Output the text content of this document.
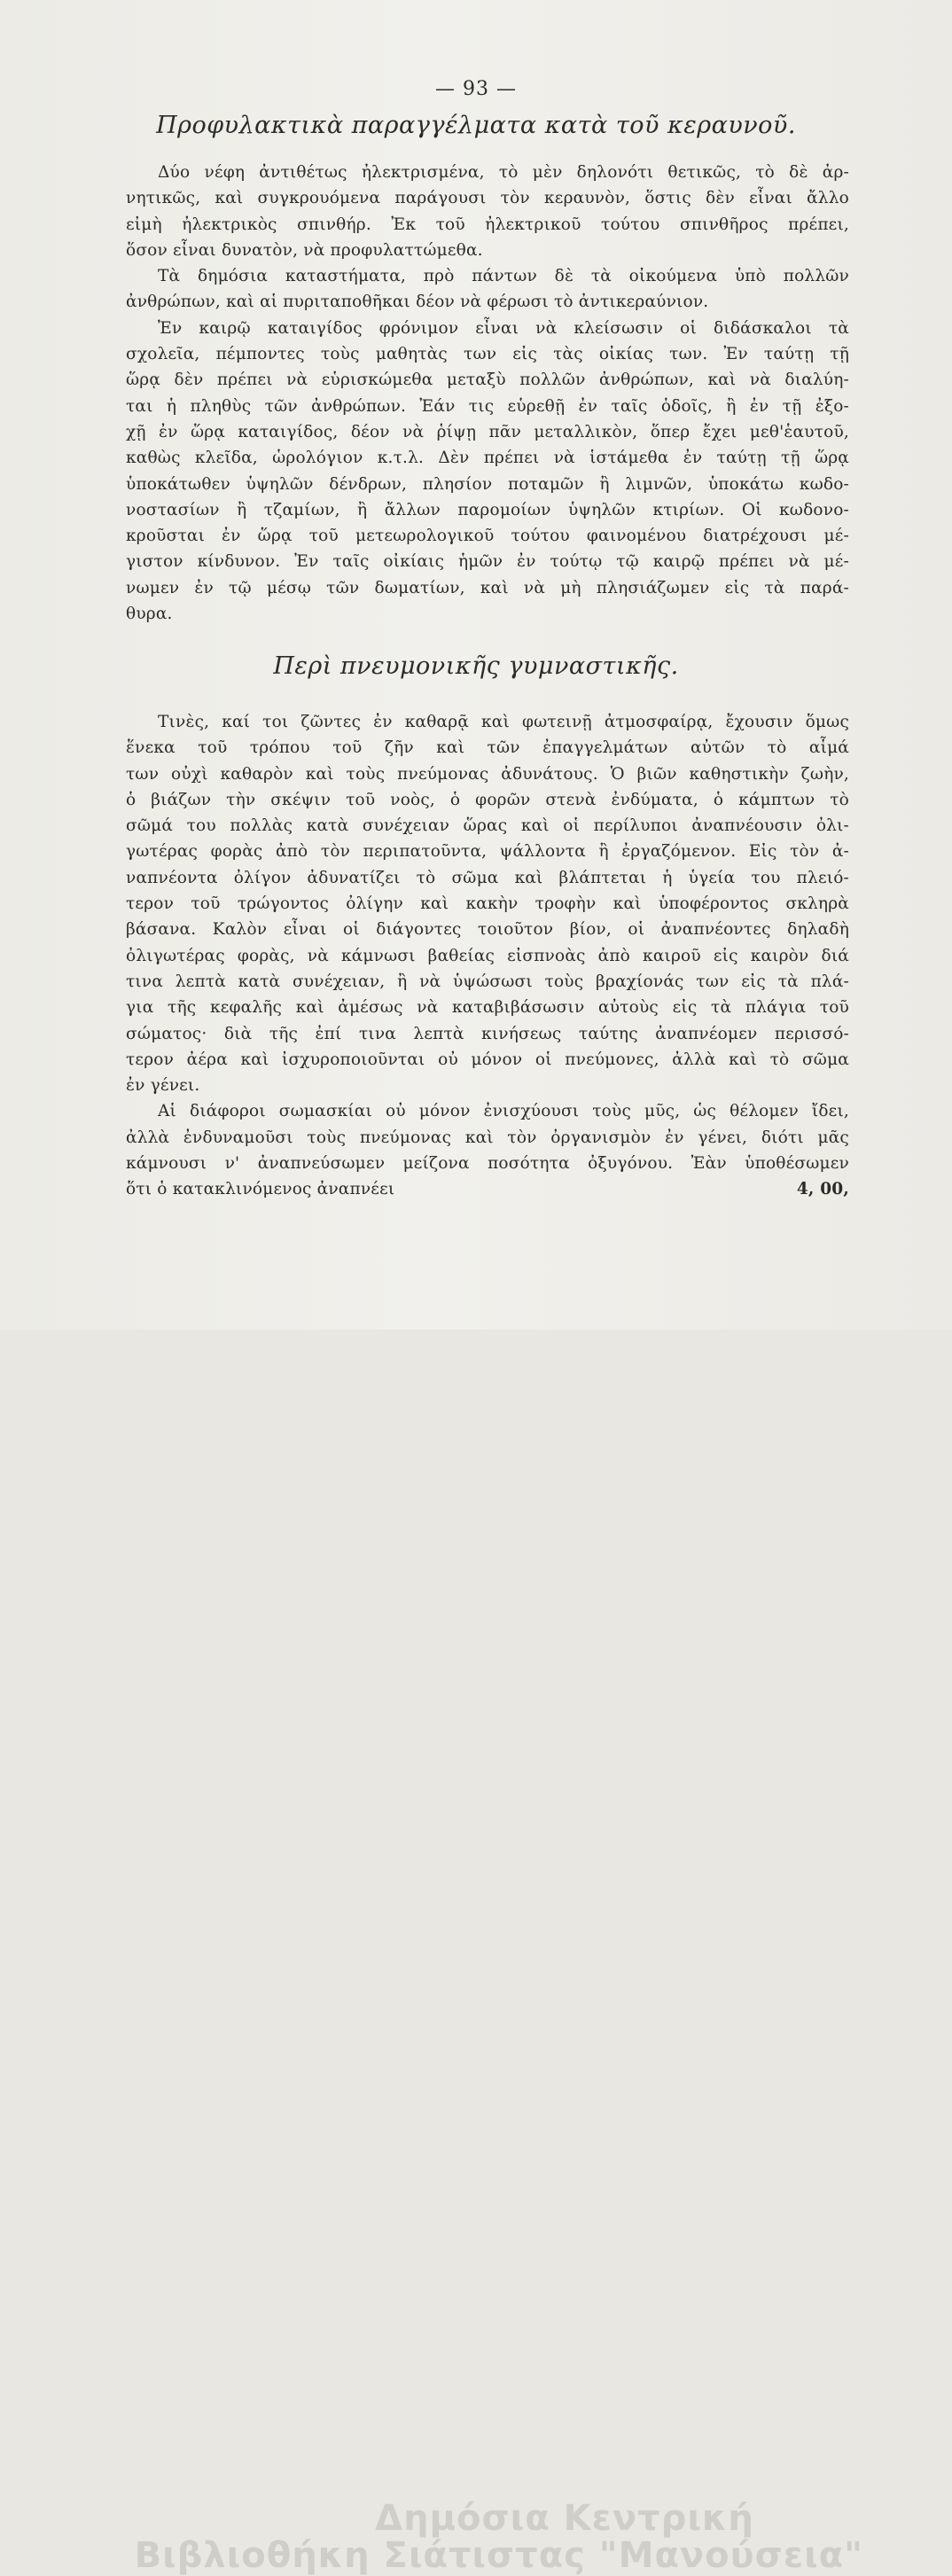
— 93 —
Προφυλακτικὰ παραγγέλματα κατὰ τοῦ κεραυνοῦ.
Δύο νέφη ἀντιθέτως ἠλεκτρισμένα, τὸ μὲν δηλονότι θετικῶς, τὸ δὲ ἀρ-
νητικῶς, καὶ συγκρουόμενα παράγουσι τὸν κεραυνὸν, ὅστις δὲν εἶναι ἄλλο
εἰμὴ ἠλεκτρικὸς σπινθήρ. Ἐκ τοῦ ἠλεκτρικοῦ τούτου σπινθῆρος πρέπει,
ὅσον εἶναι δυνατὸν, νὰ προφυλαττώμεθα.
Τὰ δημόσια καταστήματα, πρὸ πάντων δὲ τὰ οἰκούμενα ὑπὸ πολλῶν
ἀνθρώπων, καὶ αἱ πυριταποθῆκαι δέον νὰ φέρωσι τὸ ἀντικεραύνιον.
Ἐν καιρῷ καταιγίδος φρόνιμον εἶναι νὰ κλείσωσιν οἱ διδάσκαλοι τὰ
σχολεῖα, πέμποντες τοὺς μαθητὰς των εἰς τὰς οἰκίας των. Ἐν ταύτῃ τῇ
ὥρᾳ δὲν πρέπει νὰ εὑρισκώμεθα μεταξὺ πολλῶν ἀνθρώπων, καὶ νὰ διαλύη-
ται ἡ πληθὺς τῶν ἀνθρώπων. Ἐάν τις εὑρεθῇ ἐν ταῖς ὁδοῖς, ἢ ἐν τῇ ἐξο-
χῇ ἐν ὥρᾳ καταιγίδος, δέον νὰ ῥίψῃ πᾶν μεταλλικὸν, ὅπερ ἔχει μεθ'ἑαυτοῦ,
καθὼς κλεῖδα, ὡρολόγιον κ.τ.λ. Δὲν πρέπει νὰ ἱστάμεθα ἐν ταύτῃ τῇ ὥρᾳ
ὑποκάτωθεν ὑψηλῶν δένδρων, πλησίον ποταμῶν ἢ λιμνῶν, ὑποκάτω κωδο-
νοστασίων ἢ τζαμίων, ἢ ἄλλων παρομοίων ὑψηλῶν κτιρίων. Οἱ κωδονο-
κροῦσται ἐν ὥρᾳ τοῦ μετεωρολογικοῦ τούτου φαινομένου διατρέχουσι μέ-
γιστον κίνδυνον. Ἐν ταῖς οἰκίαις ἡμῶν ἐν τούτῳ τῷ καιρῷ πρέπει νὰ μέ-
νωμεν ἐν τῷ μέσῳ τῶν δωματίων, καὶ νὰ μὴ πλησιάζωμεν εἰς τὰ παρά-
θυρα.
Περὶ πνευμονικῆς γυμναστικῆς.
Τινὲς, καί τοι ζῶντες ἐν καθαρᾷ καὶ φωτεινῇ ἀτμοσφαίρᾳ, ἔχουσιν ὅμως
ἕνεκα τοῦ τρόπου τοῦ ζῆν καὶ τῶν ἐπαγγελμάτων αὐτῶν τὸ αἷμά
των οὐχὶ καθαρὸν καὶ τοὺς πνεύμονας ἀδυνάτους. Ὁ βιῶν καθηστικὴν ζωὴν,
ὁ βιάζων τὴν σκέψιν τοῦ νοὸς, ὁ φορῶν στενὰ ἐνδύματα, ὁ κάμπτων τὸ
σῶμά του πολλὰς κατὰ συνέχειαν ὥρας καὶ οἱ περίλυποι ἀναπνέουσιν ὀλι-
γωτέρας φορὰς ἀπὸ τὸν περιπατοῦντα, ψάλλοντα ἢ ἐργαζόμενον. Εἰς τὸν ἀ-
ναπνέοντα ὀλίγον ἀδυνατίζει τὸ σῶμα καὶ βλάπτεται ἡ ὑγεία του πλειό-
τερον τοῦ τρώγοντος ὀλίγην καὶ κακὴν τροφὴν καὶ ὑποφέροντος σκληρὰ
βάσανα. Καλὸν εἶναι οἱ διάγοντες τοιοῦτον βίον, οἱ ἀναπνέοντες δηλαδὴ
ὀλιγωτέρας φορὰς, νὰ κάμνωσι βαθείας εἰσπνοὰς ἀπὸ καιροῦ εἰς καιρὸν διά
τινα λεπτὰ κατὰ συνέχειαν, ἢ νὰ ὑψώσωσι τοὺς βραχίονάς των εἰς τὰ πλά-
για τῆς κεφαλῆς καὶ ἀμέσως νὰ καταβιβάσωσιν αὐτοὺς εἰς τὰ πλάγια τοῦ
σώματος· διὰ τῆς ἐπί τινα λεπτὰ κινήσεως ταύτης ἀναπνέομεν περισσό-
τερον ἀέρα καὶ ἰσχυροποιοῦνται οὐ μόνον οἱ πνεύμονες, ἀλλὰ καὶ τὸ σῶμα
ἐν γένει.
Αἱ διάφοροι σωμασκίαι οὐ μόνον ἐνισχύουσι τοὺς μῦς, ὡς θέλομεν ἴδει,
ἀλλὰ ἐνδυναμοῦσι τοὺς πνεύμονας καὶ τὸν ὀργανισμὸν ἐν γένει, διότι μᾶς
κάμνουσι ν' ἀναπνεύσωμεν μείζονα ποσότητα ὀξυγόνου. Ἐὰν ὑποθέσωμεν
ὅτι ὁ κατακλινόμενος ἀναπνέει	4, 00,
Δημόσια Κεντρική
Βιβλιοθήκη Σιάτιστας "Μανούσεια"
